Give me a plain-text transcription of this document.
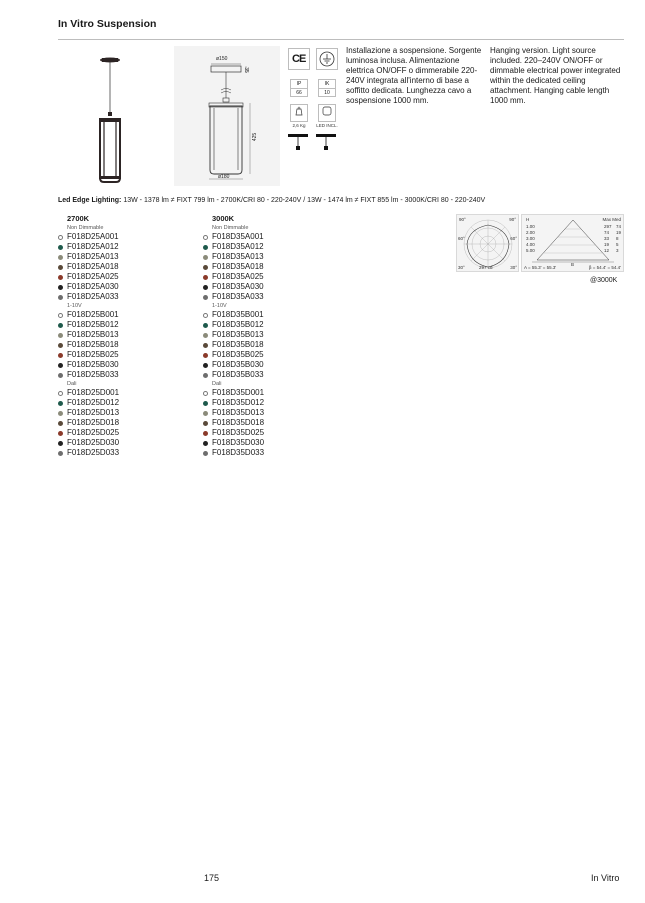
In Vitro Suspension
ø150
35
425
ø180
CE
IP
66
IK
10
2,6 Kg	LED INCL.
Installazione a sospensione. Sorgente luminosa inclusa. Alimentazione elettrica ON/OFF o dimmerabile 220-240V integrata all'interno di base a soffitto dedicata. Lunghezza cavo a sospensione 1000 mm.
Hanging version. Light source included. 220–240V ON/OFF or dimmable electrical power integrated within the dedicated ceiling attachment. Hanging cable length 1000 mm.
Led Edge Lighting: 13W - 1378 lm ≠ FIXT 799 lm - 2700K/CRI 80 - 220-240V / 13W - 1474 lm ≠ FIXT 855 lm - 3000K/CRI 80 - 220-240V
2700K
Non Dimmable
F018D25A001
F018D25A012
F018D25A013
F018D25A018
F018D25A025
F018D25A030
F018D25A033
1-10V
F018D25B001
F018D25B012
F018D25B013
F018D25B018
F018D25B025
F018D25B030
F018D25B033
Dali
F018D25D001
F018D25D012
F018D25D013
F018D25D018
F018D25D025
F018D25D030
F018D25D033
3000K
Non Dimmable
F018D35A001
F018D35A012
F018D35A013
F018D35A018
F018D35A025
F018D35A030
F018D35A033
1-10V
F018D35B001
F018D35B012
F018D35B013
F018D35B018
F018D35B025
F018D35B030
F018D35B033
Dali
F018D35D001
F018D35D012
F018D35D013
F018D35D018
F018D35D025
F018D35D030
F018D35D033
90°	90°
60°	60°
30°	30°
297 cd
H	Max Med
1.00	297 74
2.00	74 19
3.00	33 8
4.00	19 5
5.00	12 3
B
A = 55.3' = 55.3'	β = 54.4' = 54.4'
@3000K
175	In Vitro
